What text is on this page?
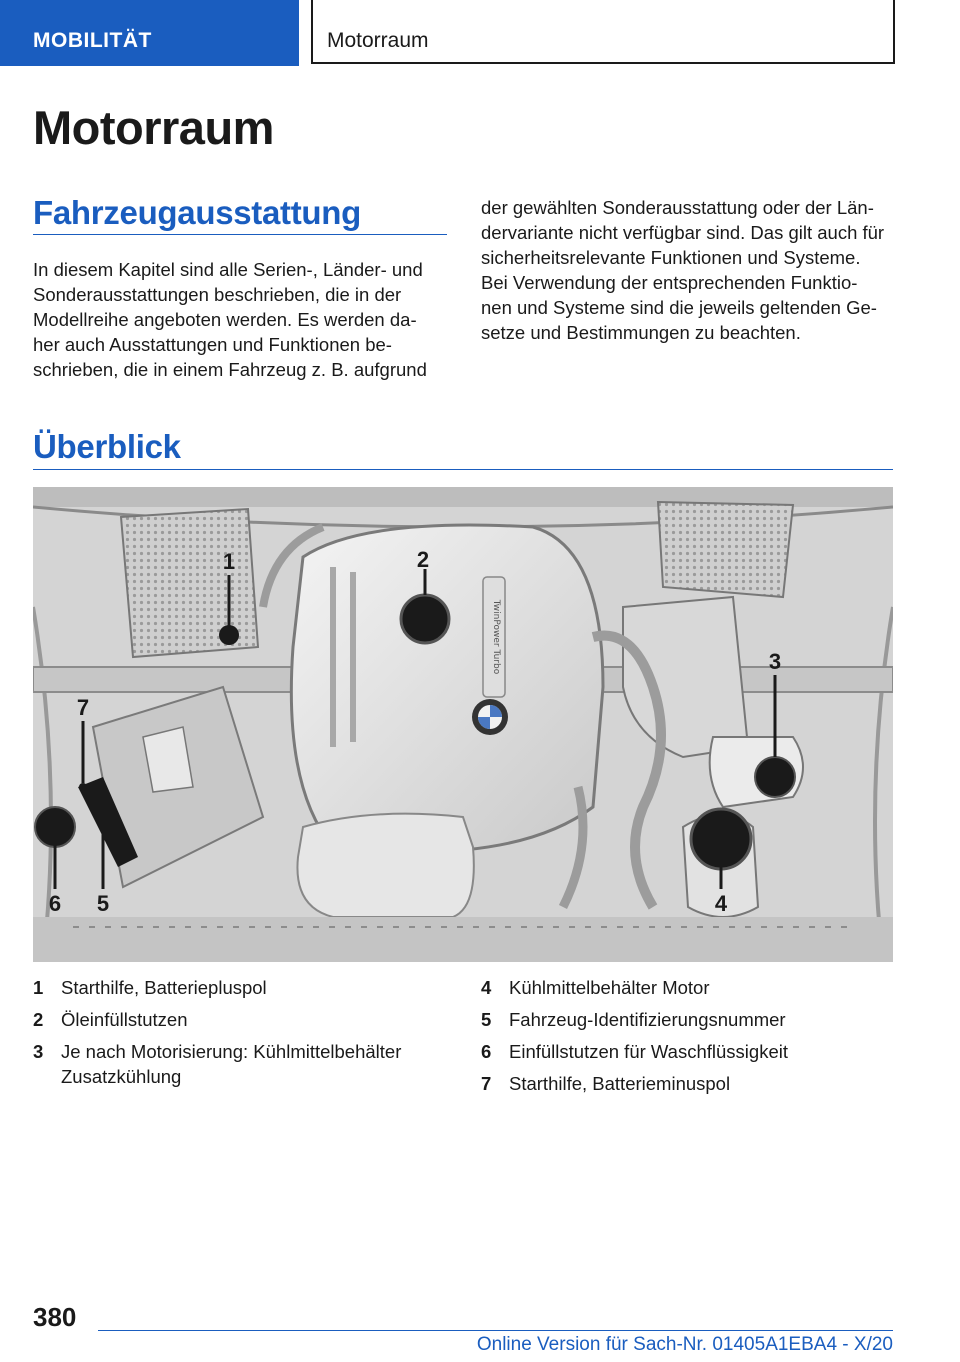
MOBILITÄT	Motorraum
Motorraum
Fahrzeugausstattung
In diesem Kapitel sind alle Serien-, Länder- und
Sonderausstattungen beschrieben, die in der
Modellreihe angeboten werden. Es werden da-
her auch Ausstattungen und Funktionen be-
schrieben, die in einem Fahrzeug z. B. aufgrund
der gewählten Sonderausstattung oder der Län-
dervariante nicht verfügbar sind. Das gilt auch für
sicherheitsrelevante Funktionen und Systeme.
Bei Verwendung der entsprechenden Funktio-
nen und Systeme sind die jeweils geltenden Ge-
setze und Bestimmungen zu beachten.
Überblick
TwinPower Turbo
1	2
3
4
5
6
7
1 Starthilfe, Batteriepluspol
2 Öleinfüllstutzen
3 Je nach Motorisierung: Kühlmittelbehälter
Zusatzkühlung
4 Kühlmittelbehälter Motor
5 Fahrzeug-Identifizierungsnummer
6 Einfüllstutzen für Waschflüssigkeit
7 Starthilfe, Batterieminuspol
380
Online Version für Sach-Nr. 01405A1EBA4 - X/20
